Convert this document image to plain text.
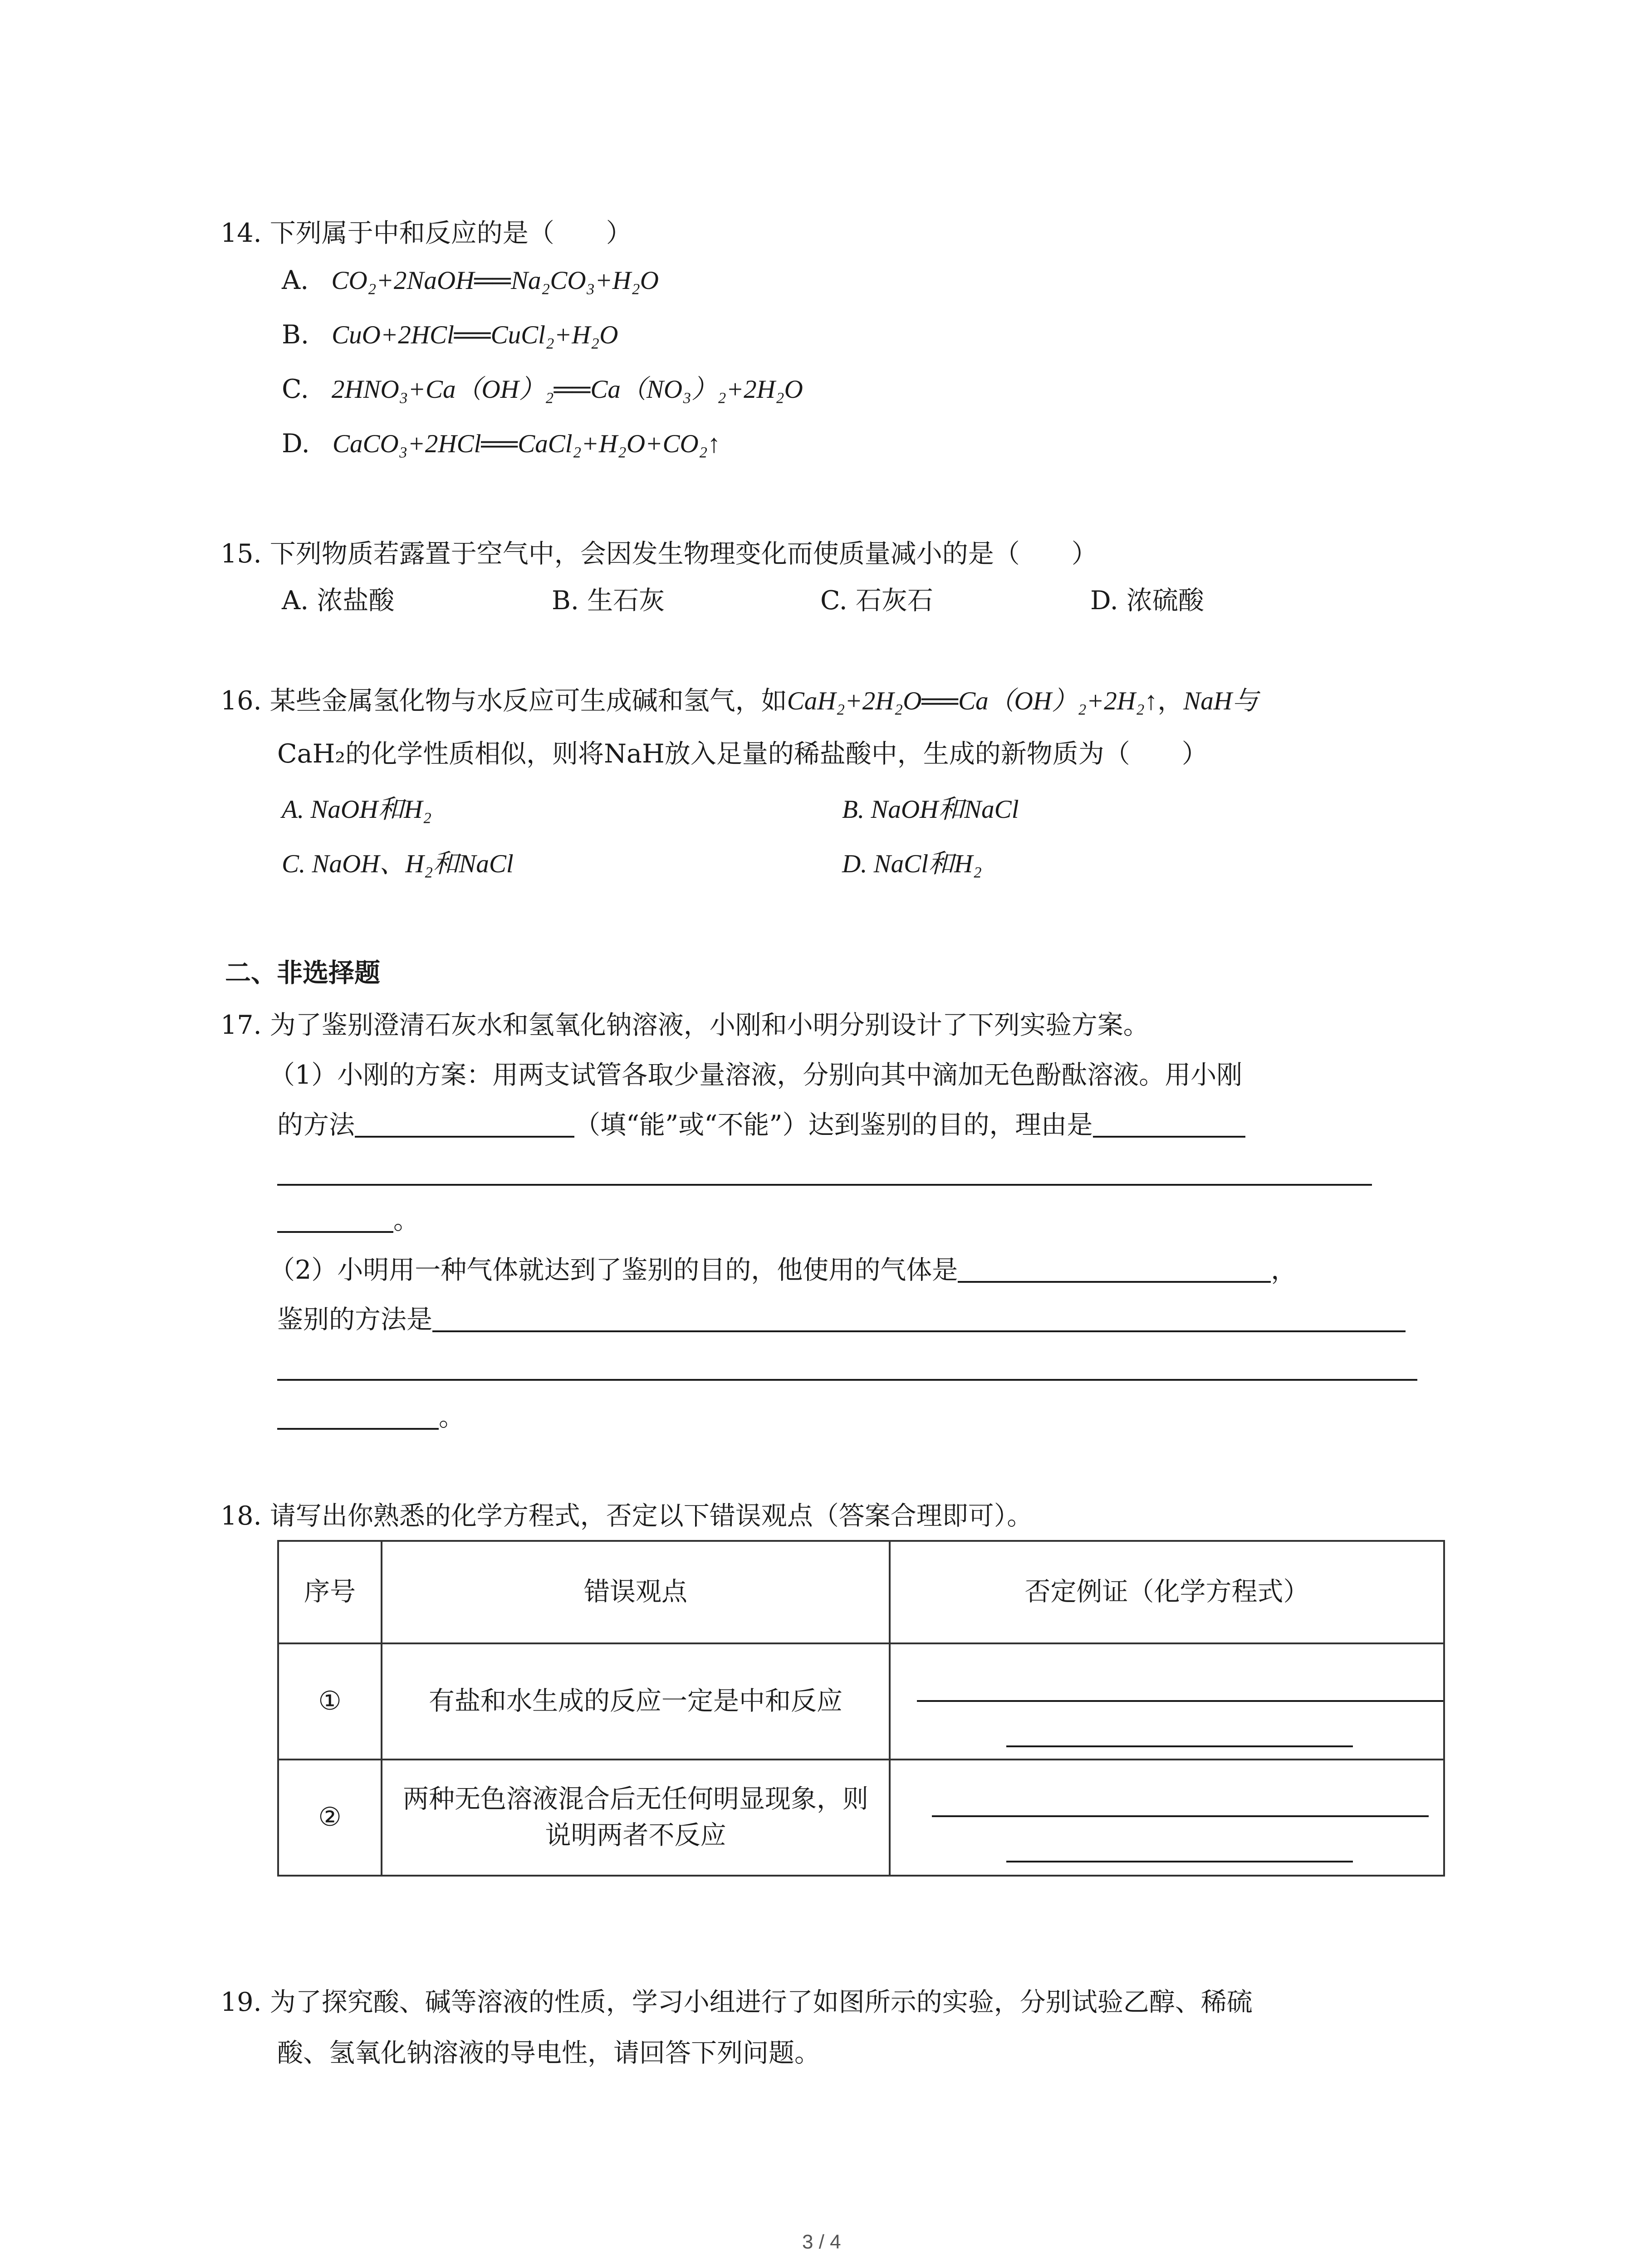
14. 下列属于中和反应的是（　　）
A. CO₂+2NaOH══Na₂CO₃+H₂O
B. CuO+2HCl══CuCl₂+H₂O
C. 2HNO₃+Ca（OH）₂══Ca（NO₃）₂+2H₂O
D. CaCO₃+2HCl══CaCl₂+H₂O+CO₂↑
15. 下列物质若露置于空气中，会因发生物理变化而使质量减小的是（　　）
A. 浓盐酸	B. 生石灰	C. 石灰石	D. 浓硫酸
16. 某些金属氢化物与水反应可生成碱和氢气，如CaH₂+2H₂O══Ca（OH）₂+2H₂↑，NaH与
CaH₂的化学性质相似，则将NaH放入足量的稀盐酸中，生成的新物质为（　　）
A. NaOH和H₂	B. NaOH和NaCl
C. NaOH、H₂和NaCl	D. NaCl和H₂
二、非选择题
17. 为了鉴别澄清石灰水和氢氧化钠溶液，小刚和小明分别设计了下列实验方案。
（1）小刚的方案：用两支试管各取少量溶液，分别向其中滴加无色酚酞溶液。用小刚
的方法	（填“能”或“不能”）达到鉴别的目的，理由是
。
（2）小明用一种气体就达到了鉴别的目的，他使用的气体是	，
鉴别的方法是
。
18. 请写出你熟悉的化学方程式，否定以下错误观点（答案合理即可）。
序号	错误观点	否定例证（化学方程式）
①	有盐和水生成的反应一定是中和反应	

②	两种无色溶液混合后无任何明显现象，则说明两者不反应	
19. 为了探究酸、碱等溶液的性质，学习小组进行了如图所示的实验，分别试验乙醇、稀硫
酸、氢氧化钠溶液的导电性，请回答下列问题。
3 / 4
